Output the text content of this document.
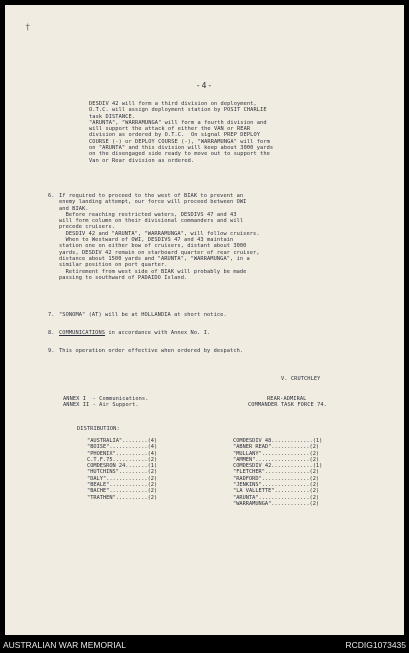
†
-4-
DESDIV 42 will form a third division on deployment,
O.T.C. will assign deployment station by POSIT CHARLIE
task DISTANCE.
"ARUNTA", "WARRAMUNGA" will form a fourth division and
will support the attack of either the VAN or REAR
division as ordered by O.T.C.  On signal PREP DEPLOY
COURSE (-) or DEPLOY COURSE (-), "WARRAMUNGA" will form
on "ARUNTA" and this division will keep about 3000 yards
on the disengaged side ready to move out to support the
Van or Rear division as ordered.
6. If required to proceed to the west of BIAK to prevent an
enemy landing attempt, our force will proceed between OWI
and BIAK.
Before reaching restricted waters, DESDIVS 47 and 43
will form column on their divisional commanders and will
precede cruisers.
DESDIV 42 and "ARUNTA", "WARRAMUNGA", will follow cruisers.
When to Westward of OWI, DESDIVS 47 and 43 maintain
station one on either bow of cruisers, distant about 3000
yards, DESDIV 42 remain on starboard quarter of rear cruiser,
distance about 1500 yards and "ARUNTA", "WARRAMUNGA", in a
similar position on port quarter.
Retirement from west side of BIAK will probably be made
passing to southward of PADAIDO Island.
7. "SONOMA" (AT) will be at HOLLANDIA at short notice.
8. COMMUNICATIONS in accordance with Annex No. I.
9. This operation order effective when ordered by despatch.
V. CRUTCHLEY
ANNEX I  - Communications.
ANNEX II - Air Support.
REAR-ADMIRAL
COMMANDER TASK FORCE 74.
DISTRIBUTION:
"AUSTRALIA"........(4)
"BOISE"............(4)
"PHOENIX"..........(4)
C.T.F.75...........(2)
COMDESRON 24.......(1)
"HUTCHINS".........(2)
"DALY".............(2)
"BEALE"............(2)
"BACHE"............(2)
"TRATHEN"..........(2)
COMDESDIV 48.............(1)
"ABNER READ"............(2)
"MULLANY"...............(2)
"AMMEN".................(2)
COMDESDIV 42.............(1)
"FLETCHER"..............(2)
"RADFORD"...............(2)
"JENKINS"...............(2)
"LA VALLETTE"...........(2)
"ARUNTA"................(2)
"WARRAMUNGA"............(2)
AUSTRALIAN WAR MEMORIAL	RCDIG1073435
